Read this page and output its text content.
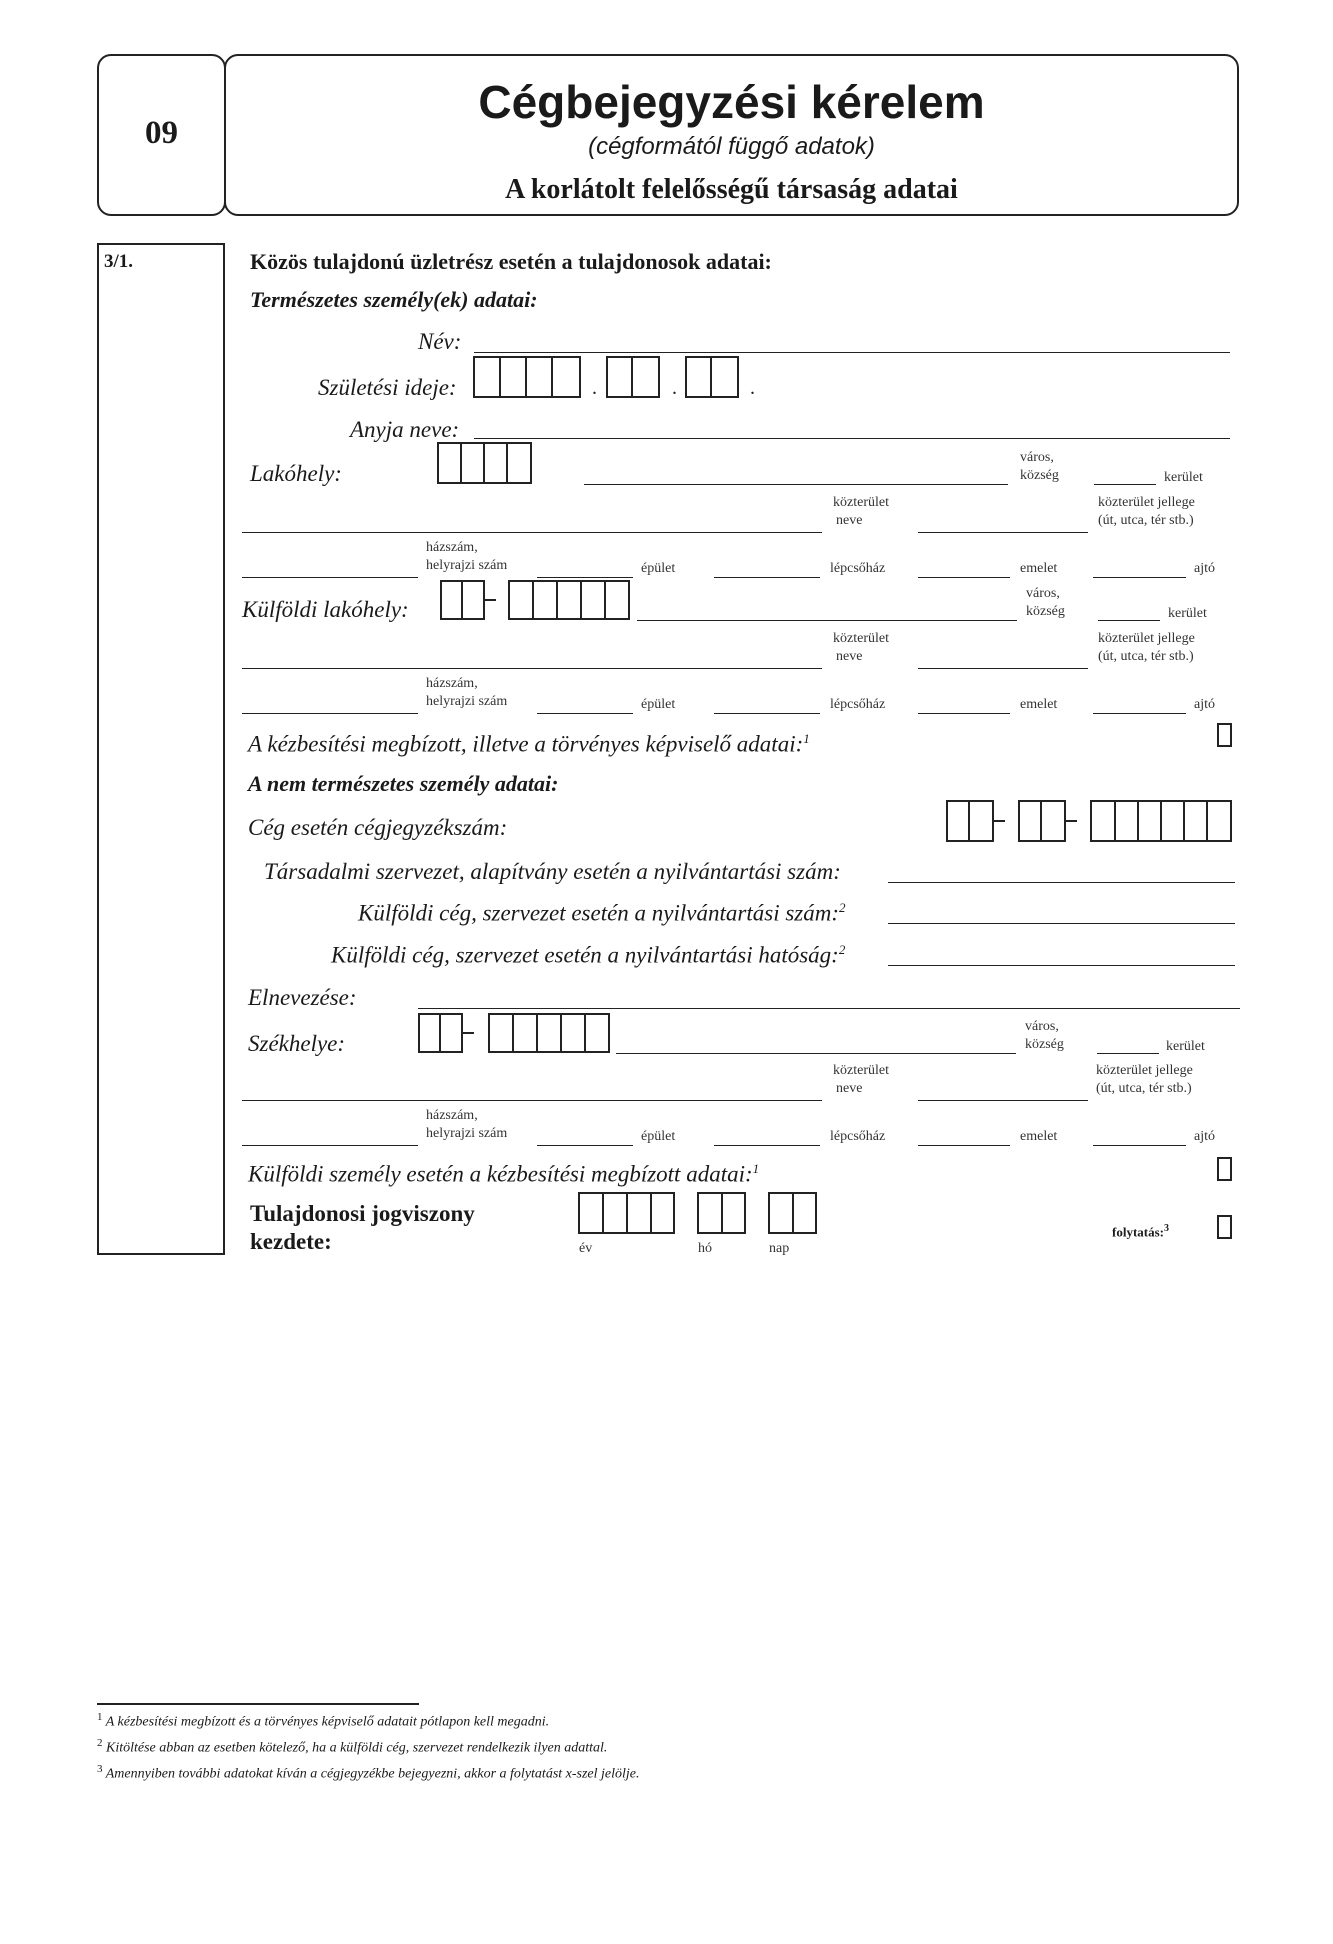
09
Cégbejegyzési kérelem
(cégformától függő adatok)
A korlátolt felelősségű társaság adatai
3/1.	Közös tulajdonú üzletrész esetén a tulajdonosok adatai:
Természetes személy(ek) adatai:
Név:
Születési ideje:	.	.	.
Anyja neve:
Lakóhely:
város,
község	kerület
közterület
neve
közterület jellege
(út, utca, tér stb.)
házszám,
helyrajzi szám	épület	lépcsőház	emelet	ajtó
Külföldi lakóhely:
város,
község	kerület
közterület
neve
közterület jellege
(út, utca, tér stb.)
házszám,
helyrajzi szám	épület	lépcsőház	emelet	ajtó
A kézbesítési megbízott, illetve a törvényes képviselő adatai:$^1$
A nem természetes személy adatai:
Cég esetén cégjegyzékszám:
Társadalmi szervezet, alapítvány esetén a nyilvántartási szám:
Külföldi cég, szervezet esetén a nyilvántartási szám:$^2$
Külföldi cég, szervezet esetén a nyilvántartási hatóság:$^2$
Elnevezése:
Székhelye:
város,
község	kerület
közterület
neve
közterület jellege
(út, utca, tér stb.)
házszám,
helyrajzi szám	épület	lépcsőház	emelet	ajtó
Külföldi személy esetén a kézbesítési megbízott adatai:$^1$
Tulajdonosi jogviszony
kezdete:	év	hó	nap
folytatás:$^3$
$^1$ A kézbesítési megbízott és a törvényes képviselő adatait pótlapon kell megadni.
$^2$ Kitöltése abban az esetben kötelező, ha a külföldi cég, szervezet rendelkezik ilyen adattal.
$^3$ Amennyiben további adatokat kíván a cégjegyzékbe bejegyezni, akkor a folytatást x-szel jelölje.
